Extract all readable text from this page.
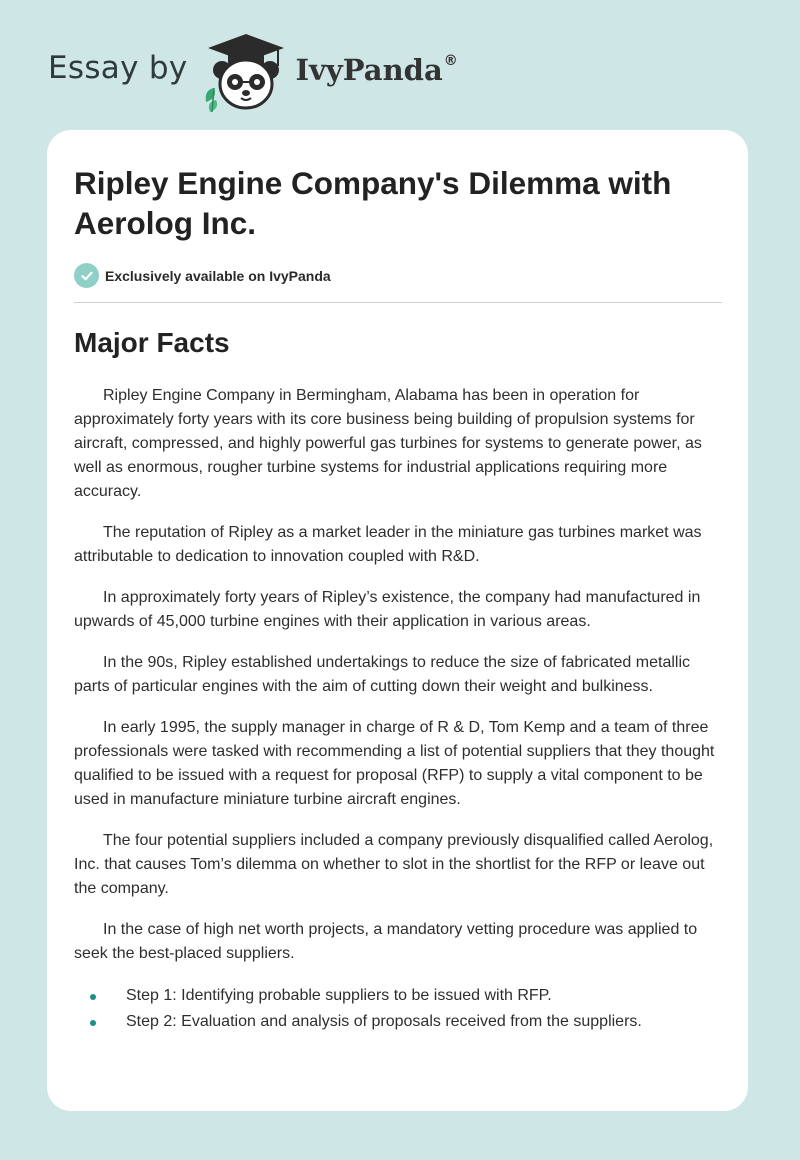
Essay by	IvyPanda®
Ripley Engine Company's Dilemma with Aerolog Inc.
Exclusively available on IvyPanda
Major Facts

Ripley Engine Company in Bermingham, Alabama has been in operation for approximately forty years with its core business being building of propulsion systems for aircraft, compressed, and highly powerful gas turbines for systems to generate power, as well as enormous, rougher turbine systems for industrial applications requiring more accuracy.

The reputation of Ripley as a market leader in the miniature gas turbines market was attributable to dedication to innovation coupled with R&D.

In approximately forty years of Ripley’s existence, the company had manufactured in upwards of 45,000 turbine engines with their application in various areas.

In the 90s, Ripley established undertakings to reduce the size of fabricated metallic parts of particular engines with the aim of cutting down their weight and bulkiness.

In early 1995, the supply manager in charge of R & D, Tom Kemp and a team of three professionals were tasked with recommending a list of potential suppliers that they thought qualified to be issued with a request for proposal (RFP) to supply a vital component to be used in manufacture miniature turbine aircraft engines.

The four potential suppliers included a company previously disqualified called Aerolog, Inc. that causes Tom’s dilemma on whether to slot in the shortlist for the RFP or leave out the company.

In the case of high net worth projects, a mandatory vetting procedure was applied to seek the best-placed suppliers.

Step 1: Identifying probable suppliers to be issued with RFP.
Step 2: Evaluation and analysis of proposals received from the suppliers.
